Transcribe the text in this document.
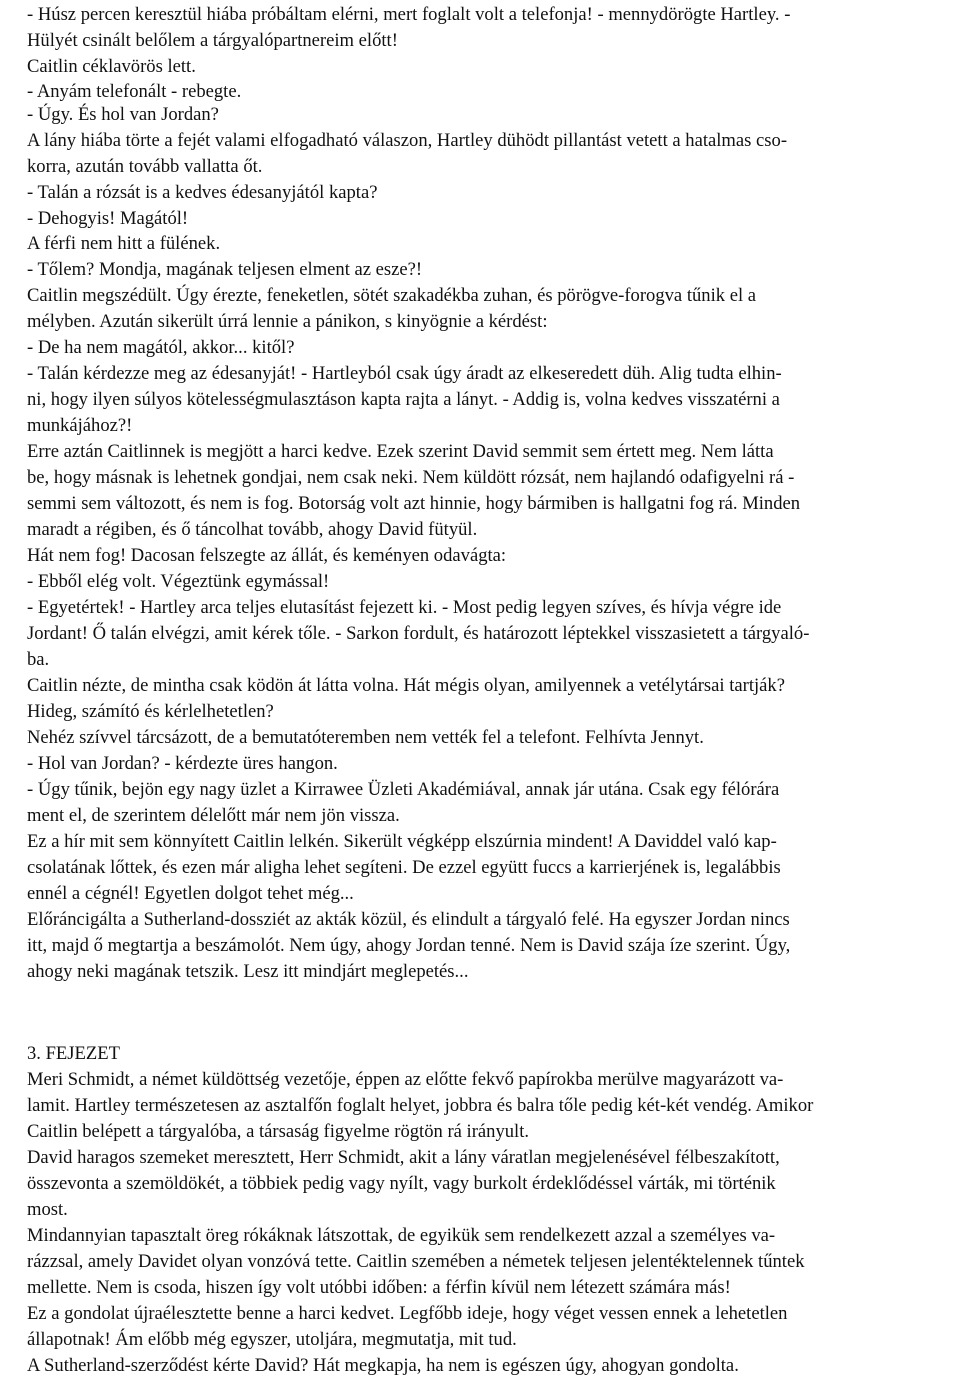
- Húsz percen keresztül hiába próbáltam elérni, mert foglalt volt a telefonja! - mennydörögte Hartley. -
Hülyét csinált belőlem a tárgyalópartnereim előtt!
Caitlin céklavörös lett.
- Anyám telefonált - rebegte.
- Úgy. És hol van Jordan?
A lány hiába törte a fejét valami elfogadható válaszon, Hartley dühödt pillantást vetett a hatalmas cso-
korra, azután tovább vallatta őt.
- Talán a rózsát is a kedves édesanyjától kapta?
- Dehogyis! Magától!
A férfi nem hitt a fülének.
- Tőlem? Mondja, magának teljesen elment az esze?!
Caitlin megszédült. Úgy érezte, feneketlen, sötét szakadékba zuhan, és pörögve-forogva tűnik el a
mélyben. Azután sikerült úrrá lennie a pánikon, s kinyögnie a kérdést:
- De ha nem magától, akkor... kitől?
- Talán kérdezze meg az édesanyját! - Hartleyból csak úgy áradt az elkeseredett düh. Alig tudta elhin-
ni, hogy ilyen súlyos kötelességmulasztáson kapta rajta a lányt. - Addig is, volna kedves visszatérni a
munkájához?!
Erre aztán Caitlinnek is megjött a harci kedve. Ezek szerint David semmit sem értett meg. Nem látta
be, hogy másnak is lehetnek gondjai, nem csak neki. Nem küldött rózsát, nem hajlandó odafigyelni rá -
semmi sem változott, és nem is fog. Botorság volt azt hinnie, hogy bármiben is hallgatni fog rá. Minden
maradt a régiben, és ő táncolhat tovább, ahogy David fütyül.
Hát nem fog! Dacosan felszegte az állát, és keményen odavágta:
- Ebből elég volt. Végeztünk egymással!
- Egyetértek! - Hartley arca teljes elutasítást fejezett ki. - Most pedig legyen szíves, és hívja végre ide
Jordant! Ő talán elvégzi, amit kérek tőle. - Sarkon fordult, és határozott léptekkel visszasietett a tárgyaló-
ba.
Caitlin nézte, de mintha csak ködön át látta volna. Hát mégis olyan, amilyennek a vetélytársai tartják?
Hideg, számító és kérlelhetetlen?
Nehéz szívvel tárcsázott, de a bemutatóteremben nem vették fel a telefont. Felhívta Jennyt.
- Hol van Jordan? - kérdezte üres hangon.
- Úgy tűnik, bejön egy nagy üzlet a Kirrawee Üzleti Akadémiával, annak jár utána. Csak egy félórára
ment el, de szerintem délelőtt már nem jön vissza.
Ez a hír mit sem könnyített Caitlin lelkén. Sikerült végképp elszúrnia mindent! A Daviddel való kap-
csolatának lőttek, és ezen már aligha lehet segíteni. De ezzel együtt fuccs a karrierjének is, legalábbis
ennél a cégnél! Egyetlen dolgot tehet még...
Előráncigálta a Sutherland-dossziét az akták közül, és elindult a tárgyaló felé. Ha egyszer Jordan nincs
itt, majd ő megtartja a beszámolót. Nem úgy, ahogy Jordan tenné. Nem is David szája íze szerint. Úgy,
ahogy neki magának tetszik. Lesz itt mindjárt meglepetés...
3. FEJEZET
Meri Schmidt, a német küldöttség vezetője, éppen az előtte fekvő papírokba merülve magyarázott va-
lamit. Hartley természetesen az asztalfőn foglalt helyet, jobbra és balra tőle pedig két-két vendég. Amikor
Caitlin belépett a tárgyalóba, a társaság figyelme rögtön rá irányult.
David haragos szemeket meresztett, Herr Schmidt, akit a lány váratlan megjelenésével félbeszakított,
összevonta a szemöldökét, a többiek pedig vagy nyílt, vagy burkolt érdeklődéssel várták, mi történik
most.
Mindannyian tapasztalt öreg rókáknak látszottak, de egyikük sem rendelkezett azzal a személyes va-
rázzsal, amely Davidet olyan vonzóvá tette. Caitlin szemében a németek teljesen jelentéktelennek tűntek
mellette. Nem is csoda, hiszen így volt utóbbi időben: a férfin kívül nem létezett számára más!
Ez a gondolat újraélesztette benne a harci kedvet. Legfőbb ideje, hogy véget vessen ennek a lehetetlen
állapotnak! Ám előbb még egyszer, utoljára, megmutatja, mit tud.
A Sutherland-szerződést kérte David? Hát megkapja, ha nem is egészen úgy, ahogyan gondolta.
